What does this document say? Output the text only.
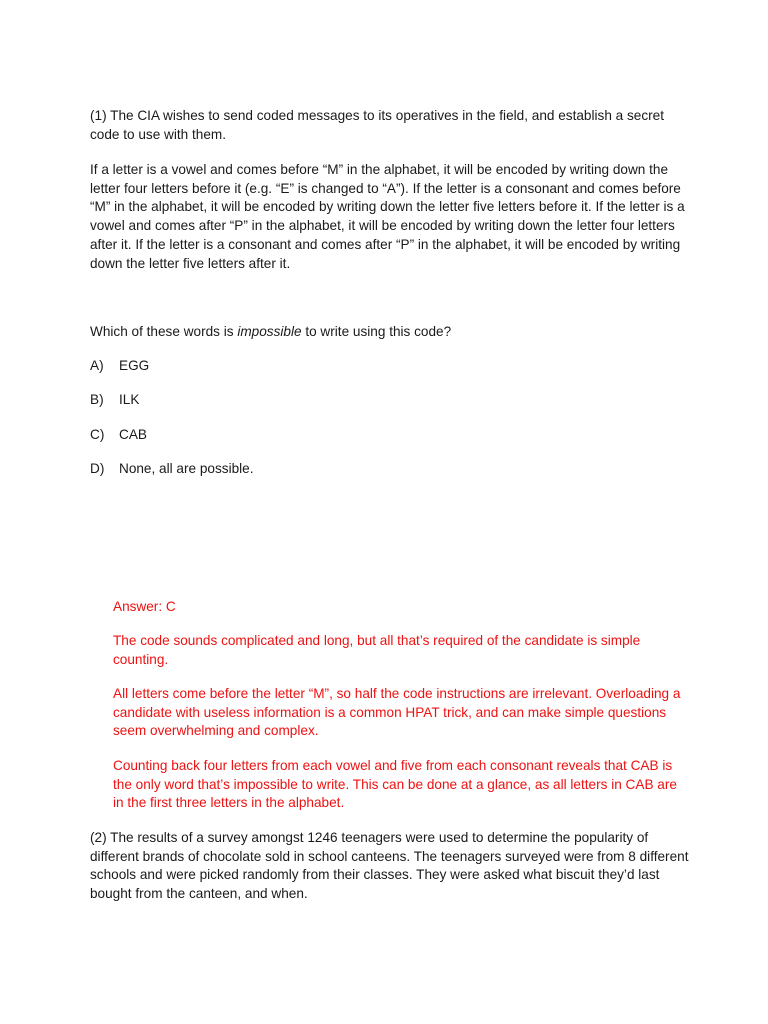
(1) The CIA wishes to send coded messages to its operatives in the field, and establish a secret code to use with them.

If a letter is a vowel and comes before “M” in the alphabet, it will be encoded by writing down the letter four letters before it (e.g. “E” is changed to “A”). If the letter is a consonant and comes before “M” in the alphabet, it will be encoded by writing down the letter five letters before it. If the letter is a vowel and comes after “P” in the alphabet, it will be encoded by writing down the letter four letters after it. If the letter is a consonant and comes after “P” in the alphabet, it will be encoded by writing down the letter five letters after it.

Which of these words is impossible to write using this code?

A) EGG

B) ILK

C) CAB

D) None, all are possible.

Answer: C

The code sounds complicated and long, but all that’s required of the candidate is simple counting.

All letters come before the letter “M”, so half the code instructions are irrelevant. Overloading a candidate with useless information is a common HPAT trick, and can make simple questions seem overwhelming and complex.

Counting back four letters from each vowel and five from each consonant reveals that CAB is the only word that’s impossible to write. This can be done at a glance, as all letters in CAB are in the first three letters in the alphabet.

(2) The results of a survey amongst 1246 teenagers were used to determine the popularity of different brands of chocolate sold in school canteens. The teenagers surveyed were from 8 different schools and were picked randomly from their classes. They were asked what biscuit they’d last bought from the canteen, and when.
